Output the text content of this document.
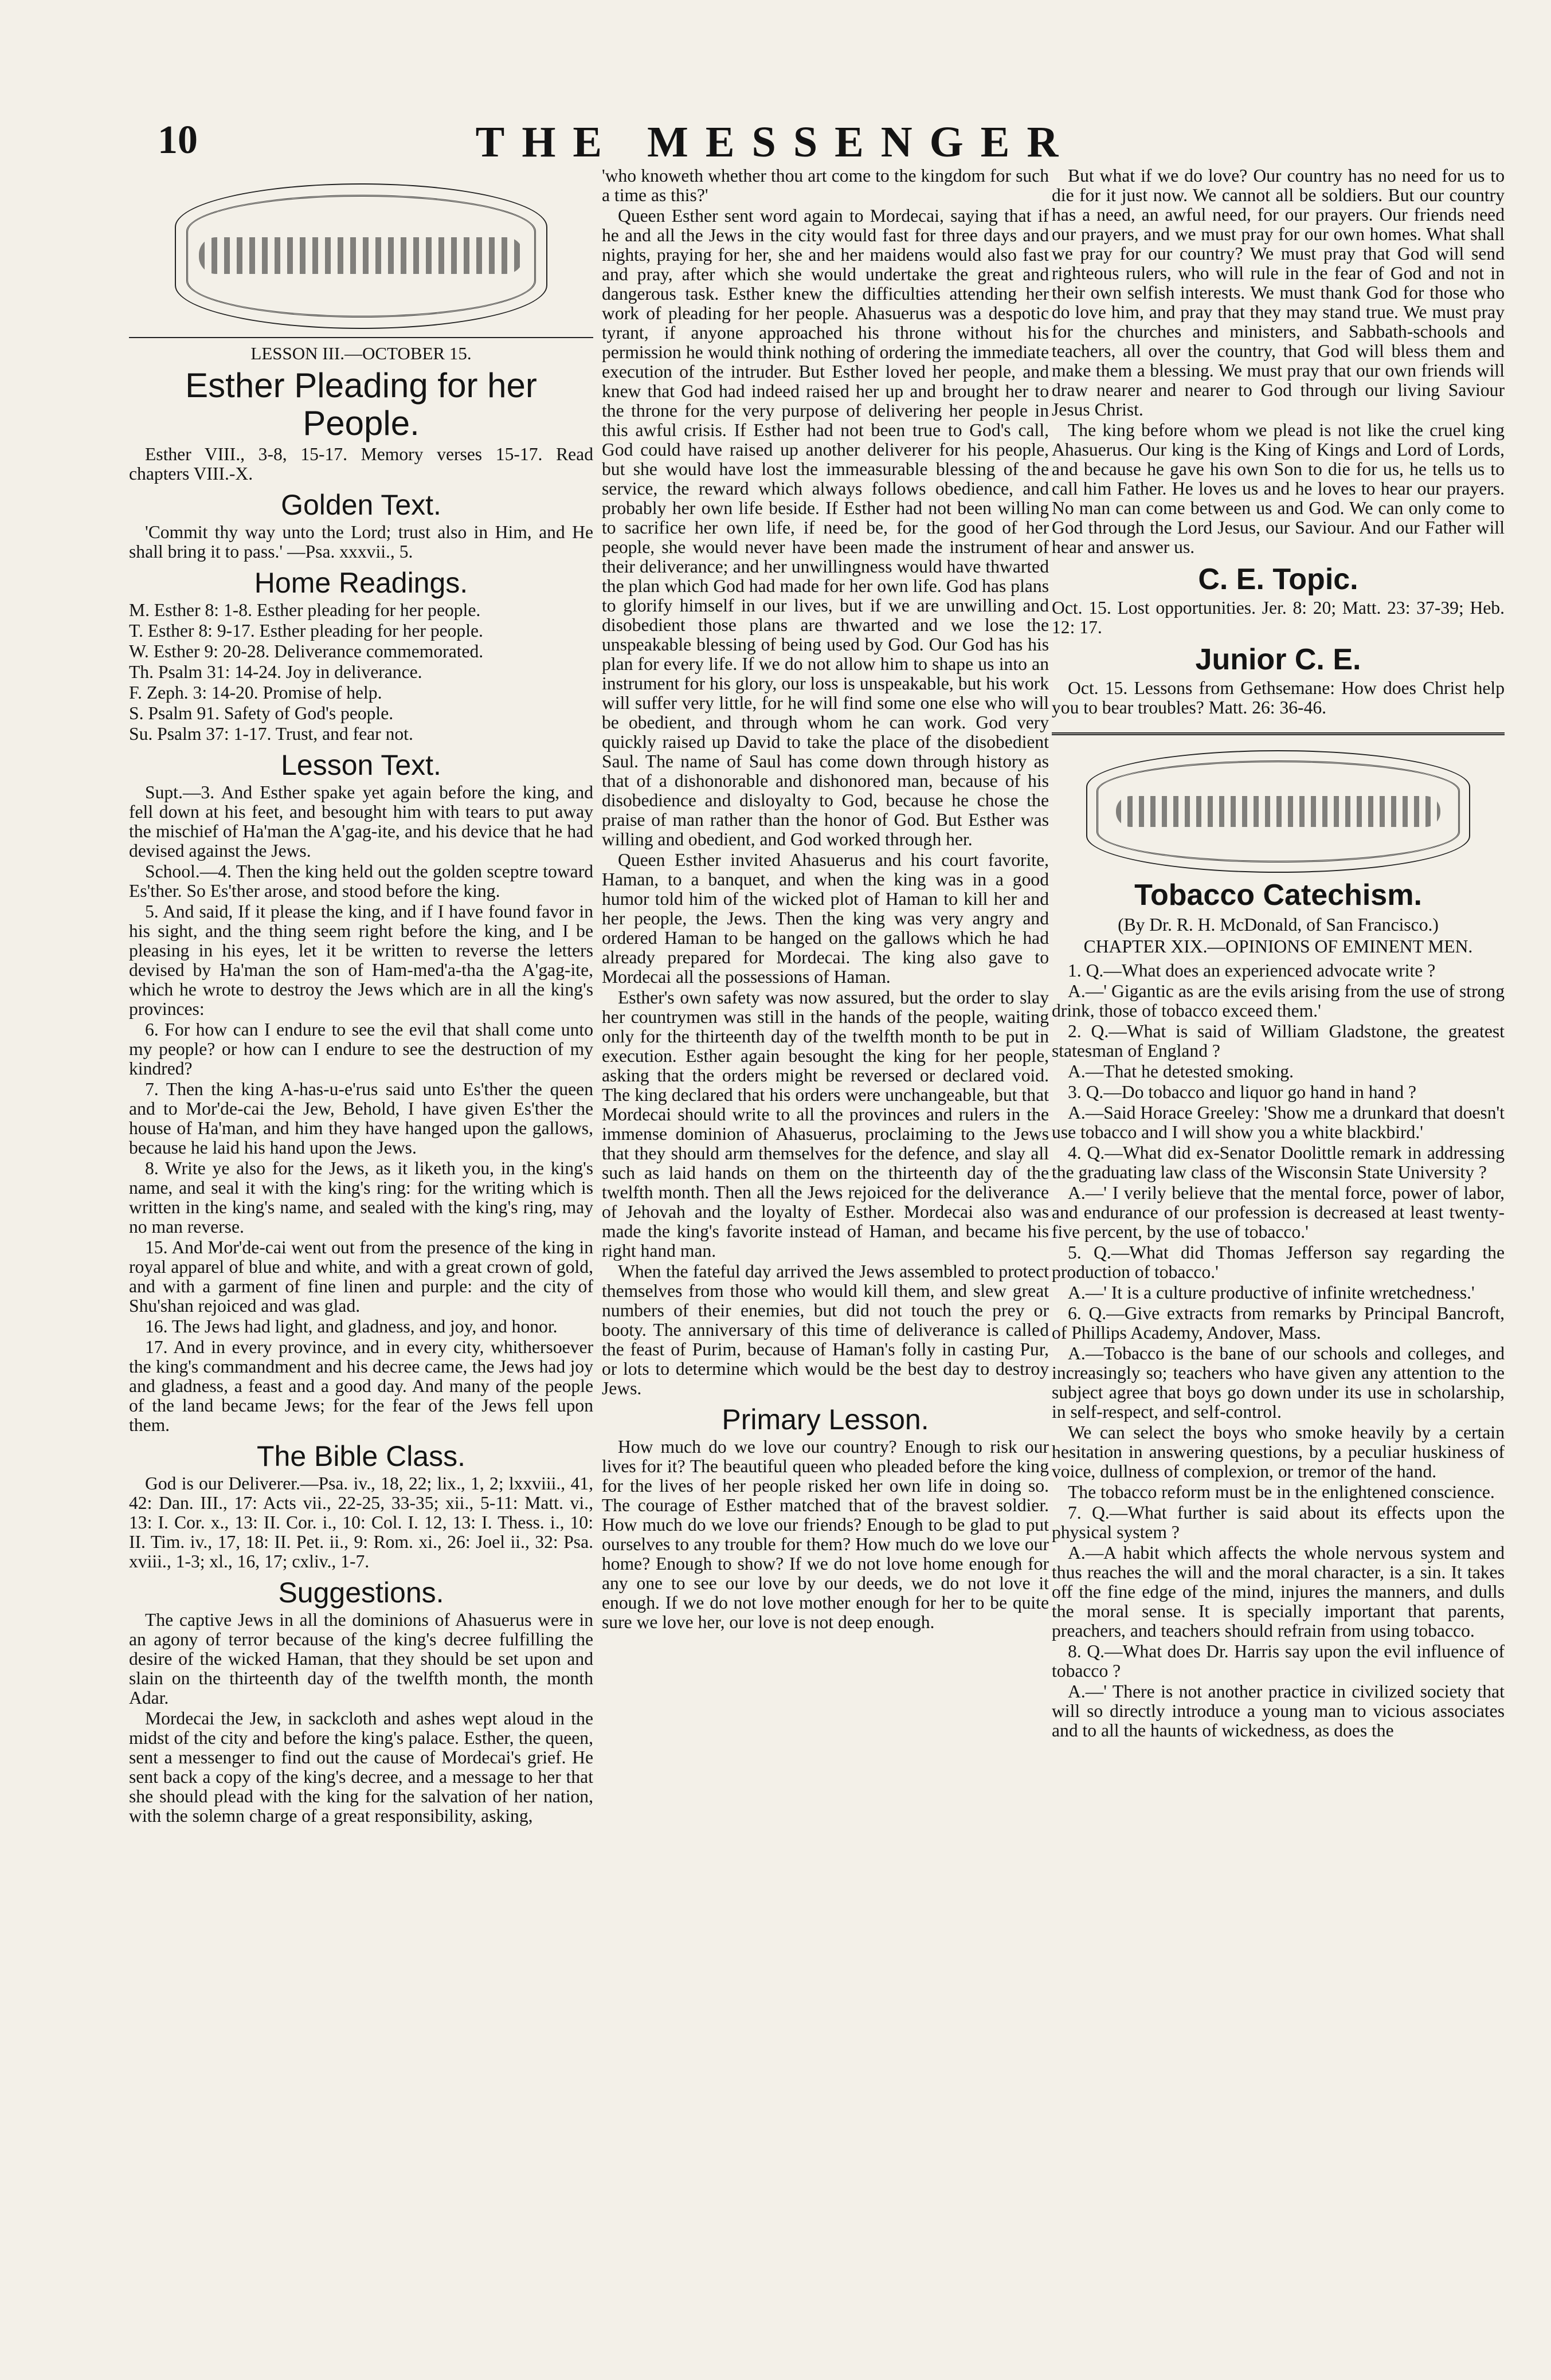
10	THE MESSENGER
LESSON III.—OCTOBER 15.
Esther Pleading for her People.

Esther VIII., 3-8, 15-17. Memory verses 15-17. Read chapters VIII.-X.

Golden Text.

'Commit thy way unto the Lord; trust also in Him, and He shall bring it to pass.' —Psa. xxxvii., 5.

Home Readings.

M. Esther 8: 1-8. Esther pleading for her people.

T. Esther 8: 9-17. Esther pleading for her people.

W. Esther 9: 20-28. Deliverance commemorated.

Th. Psalm 31: 14-24. Joy in deliverance.

F. Zeph. 3: 14-20. Promise of help.

S. Psalm 91. Safety of God's people.

Su. Psalm 37: 1-17. Trust, and fear not.

Lesson Text.

Supt.—3. And Esther spake yet again before the king, and fell down at his feet, and besought him with tears to put away the mischief of Ha'man the A'gag-ite, and his device that he had devised against the Jews.

School.—4. Then the king held out the golden sceptre toward Es'ther. So Es'ther arose, and stood before the king.

5. And said, If it please the king, and if I have found favor in his sight, and the thing seem right before the king, and I be pleasing in his eyes, let it be written to reverse the letters devised by Ha'man the son of Ham-med'a-tha the A'gag-ite, which he wrote to destroy the Jews which are in all the king's provinces:

6. For how can I endure to see the evil that shall come unto my people? or how can I endure to see the destruction of my kindred?

7. Then the king A-has-u-e'rus said unto Es'ther the queen and to Mor'de-cai the Jew, Behold, I have given Es'ther the house of Ha'man, and him they have hanged upon the gallows, because he laid his hand upon the Jews.

8. Write ye also for the Jews, as it liketh you, in the king's name, and seal it with the king's ring: for the writing which is written in the king's name, and sealed with the king's ring, may no man reverse.

15. And Mor'de-cai went out from the presence of the king in royal apparel of blue and white, and with a great crown of gold, and with a garment of fine linen and purple: and the city of Shu'shan rejoiced and was glad.

16. The Jews had light, and gladness, and joy, and honor.

17. And in every province, and in every city, whithersoever the king's commandment and his decree came, the Jews had joy and gladness, a feast and a good day. And many of the people of the land became Jews; for the fear of the Jews fell upon them.

The Bible Class.

God is our Deliverer.—Psa. iv., 18, 22; lix., 1, 2; lxxviii., 41, 42: Dan. III., 17: Acts vii., 22-25, 33-35; xii., 5-11: Matt. vi., 13: I. Cor. x., 13: II. Cor. i., 10: Col. I. 12, 13: I. Thess. i., 10: II. Tim. iv., 17, 18: II. Pet. ii., 9: Rom. xi., 26: Joel ii., 32: Psa. xviii., 1-3; xl., 16, 17; cxliv., 1-7.

Suggestions.

The captive Jews in all the dominions of Ahasuerus were in an agony of terror because of the king's decree fulfilling the desire of the wicked Haman, that they should be set upon and slain on the thirteenth day of the twelfth month, the month Adar.

Mordecai the Jew, in sackcloth and ashes wept aloud in the midst of the city and before the king's palace. Esther, the queen, sent a messenger to find out the cause of Mordecai's grief. He sent back a copy of the king's decree, and a message to her that she should plead with the king for the salvation of her nation, with the solemn charge of a great responsibility, asking,

'who knoweth whether thou art come to the kingdom for such a time as this?'

Queen Esther sent word again to Mordecai, saying that if he and all the Jews in the city would fast for three days and nights, praying for her, she and her maidens would also fast and pray, after which she would undertake the great and dangerous task. Esther knew the difficulties attending her work of pleading for her people. Ahasuerus was a despotic tyrant, if anyone approached his throne without his permission he would think nothing of ordering the immediate execution of the intruder. But Esther loved her people, and knew that God had indeed raised her up and brought her to the throne for the very purpose of delivering her people in this awful crisis. If Esther had not been true to God's call, God could have raised up another deliverer for his people, but she would have lost the immeasurable blessing of the service, the reward which always follows obedience, and probably her own life beside. If Esther had not been willing to sacrifice her own life, if need be, for the good of her people, she would never have been made the instrument of their deliverance; and her unwillingness would have thwarted the plan which God had made for her own life. God has plans to glorify himself in our lives, but if we are unwilling and disobedient those plans are thwarted and we lose the unspeakable blessing of being used by God. Our God has his plan for every life. If we do not allow him to shape us into an instrument for his glory, our loss is unspeakable, but his work will suffer very little, for he will find some one else who will be obedient, and through whom he can work. God very quickly raised up David to take the place of the disobedient Saul. The name of Saul has come down through history as that of a dishonorable and dishonored man, because of his disobedience and disloyalty to God, because he chose the praise of man rather than the honor of God. But Esther was willing and obedient, and God worked through her.

Queen Esther invited Ahasuerus and his court favorite, Haman, to a banquet, and when the king was in a good humor told him of the wicked plot of Haman to kill her and her people, the Jews. Then the king was very angry and ordered Haman to be hanged on the gallows which he had already prepared for Mordecai. The king also gave to Mordecai all the possessions of Haman.

Esther's own safety was now assured, but the order to slay her countrymen was still in the hands of the people, waiting only for the thirteenth day of the twelfth month to be put in execution. Esther again besought the king for her people, asking that the orders might be reversed or declared void. The king declared that his orders were unchangeable, but that Mordecai should write to all the provinces and rulers in the immense dominion of Ahasuerus, proclaiming to the Jews that they should arm themselves for the defence, and slay all such as laid hands on them on the thirteenth day of the twelfth month. Then all the Jews rejoiced for the deliverance of Jehovah and the loyalty of Esther. Mordecai also was made the king's favorite instead of Haman, and became his right hand man.

When the fateful day arrived the Jews assembled to protect themselves from those who would kill them, and slew great numbers of their enemies, but did not touch the prey or booty. The anniversary of this time of deliverance is called the feast of Purim, because of Haman's folly in casting Pur, or lots to determine which would be the best day to destroy Jews.

Primary Lesson.

How much do we love our country? Enough to risk our lives for it? The beautiful queen who pleaded before the king for the lives of her people risked her own life in doing so. The courage of Esther matched that of the bravest soldier. How much do we love our friends? Enough to be glad to put ourselves to any trouble for them? How much do we love our home? Enough to show? If we do not love home enough for any one to see our love by our deeds, we do not love it enough. If we do not love mother enough for her to be quite sure we love her, our love is not deep enough.

But what if we do love? Our country has no need for us to die for it just now. We cannot all be soldiers. But our country has a need, an awful need, for our prayers. Our friends need our prayers, and we must pray for our own homes. What shall we pray for our country? We must pray that God will send righteous rulers, who will rule in the fear of God and not in their own selfish interests. We must thank God for those who do love him, and pray that they may stand true. We must pray for the churches and ministers, and Sabbath-schools and teachers, all over the country, that God will bless them and make them a blessing. We must pray that our own friends will draw nearer and nearer to God through our living Saviour Jesus Christ.

The king before whom we plead is not like the cruel king Ahasuerus. Our king is the King of Kings and Lord of Lords, and because he gave his own Son to die for us, he tells us to call him Father. He loves us and he loves to hear our prayers. No man can come between us and God. We can only come to God through the Lord Jesus, our Saviour. And our Father will hear and answer us.

C. E. Topic.

Oct. 15. Lost opportunities. Jer. 8: 20; Matt. 23: 37-39; Heb. 12: 17.

Junior C. E.

Oct. 15. Lessons from Gethsemane: How does Christ help you to bear troubles? Matt. 26: 36-46.

Tobacco Catechism.
(By Dr. R. H. McDonald, of San Francisco.)
CHAPTER XIX.—OPINIONS OF EMINENT MEN.

1. Q.—What does an experienced advocate write ?

A.—' Gigantic as are the evils arising from the use of strong drink, those of tobacco exceed them.'

2. Q.—What is said of William Gladstone, the greatest statesman of England ?

A.—That he detested smoking.

3. Q.—Do tobacco and liquor go hand in hand ?

A.—Said Horace Greeley: 'Show me a drunkard that doesn't use tobacco and I will show you a white blackbird.'

4. Q.—What did ex-Senator Doolittle remark in addressing the graduating law class of the Wisconsin State University ?

A.—' I verily believe that the mental force, power of labor, and endurance of our profession is decreased at least twenty-five percent, by the use of tobacco.'

5. Q.—What did Thomas Jefferson say regarding the production of tobacco.'

A.—' It is a culture productive of infinite wretchedness.'

6. Q.—Give extracts from remarks by Principal Bancroft, of Phillips Academy, Andover, Mass.

A.—Tobacco is the bane of our schools and colleges, and increasingly so; teachers who have given any attention to the subject agree that boys go down under its use in scholarship, in self-respect, and self-control.

We can select the boys who smoke heavily by a certain hesitation in answering questions, by a peculiar huskiness of voice, dullness of complexion, or tremor of the hand.

The tobacco reform must be in the enlightened conscience.

7. Q.—What further is said about its effects upon the physical system ?

A.—A habit which affects the whole nervous system and thus reaches the will and the moral character, is a sin. It takes off the fine edge of the mind, injures the manners, and dulls the moral sense. It is specially important that parents, preachers, and teachers should refrain from using tobacco.

8. Q.—What does Dr. Harris say upon the evil influence of tobacco ?

A.—' There is not another practice in civilized society that will so directly introduce a young man to vicious associates and to all the haunts of wickedness, as does the
